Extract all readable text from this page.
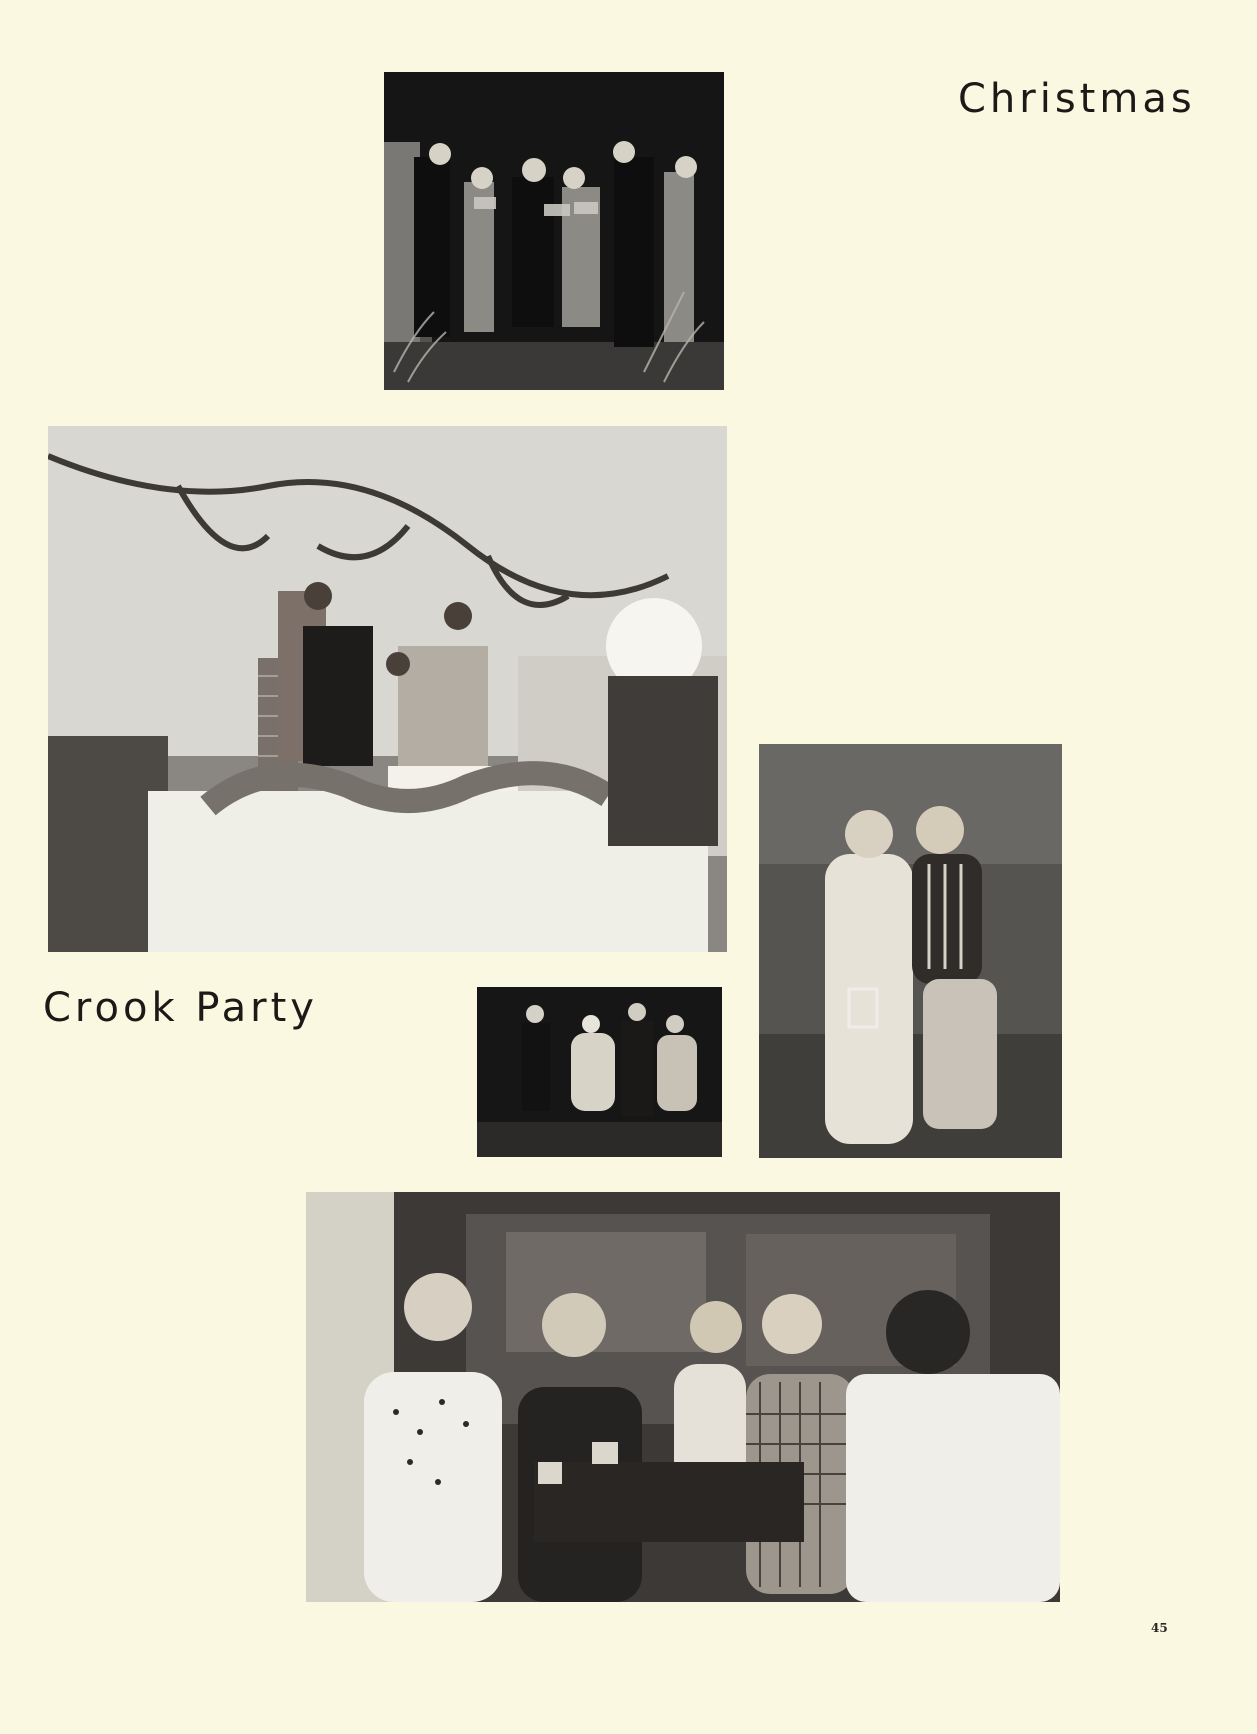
Christmas
Crook Party
45
